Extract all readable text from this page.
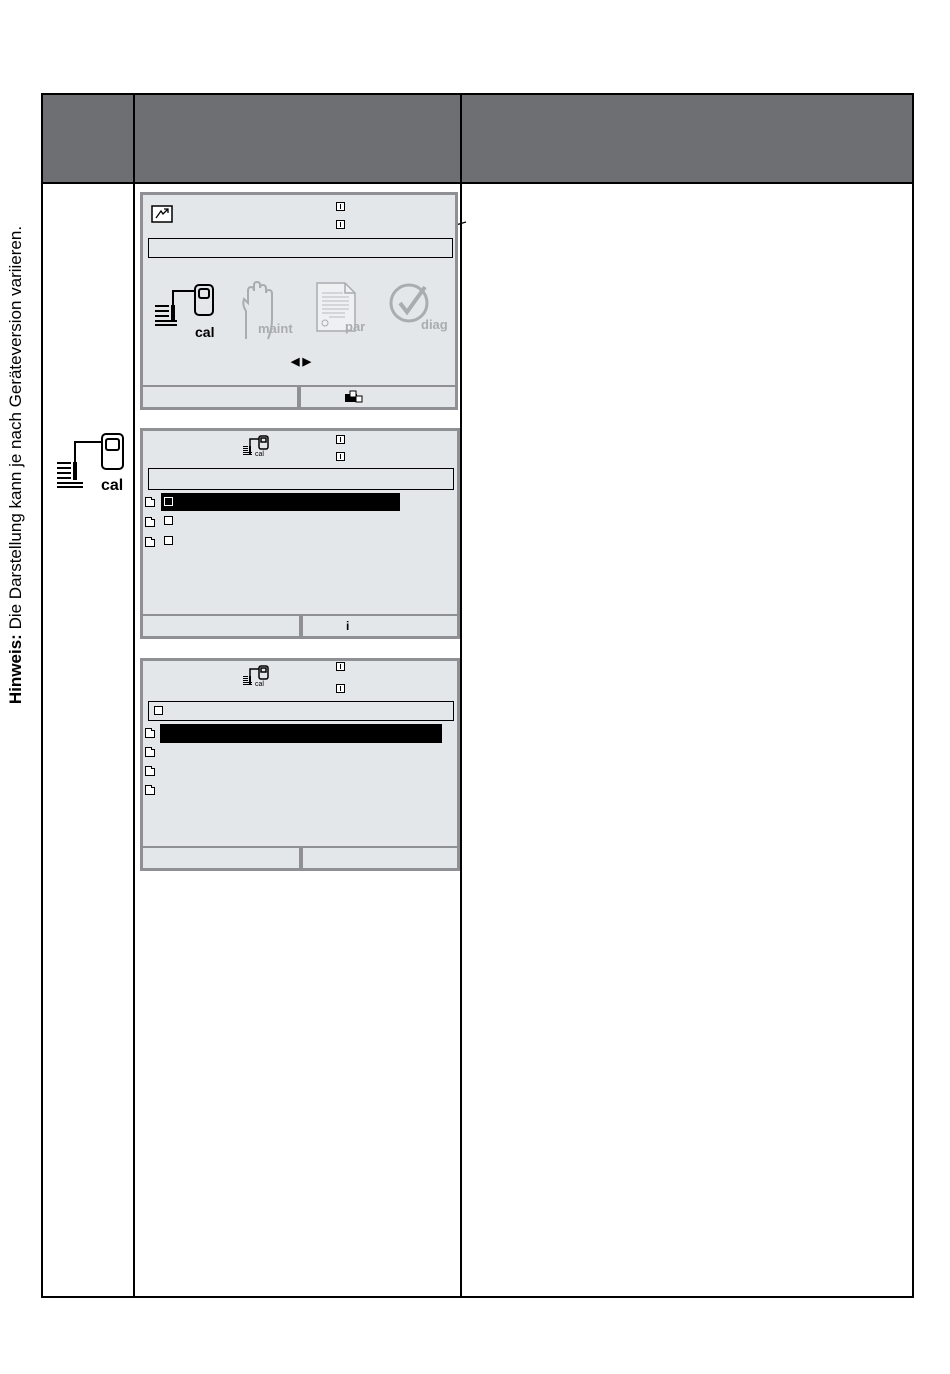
Hinweis: Die Darstellung kann je nach Geräteversion variieren.	cal
cal	maint	par	diag
◀ ▶
cal
i
cal
